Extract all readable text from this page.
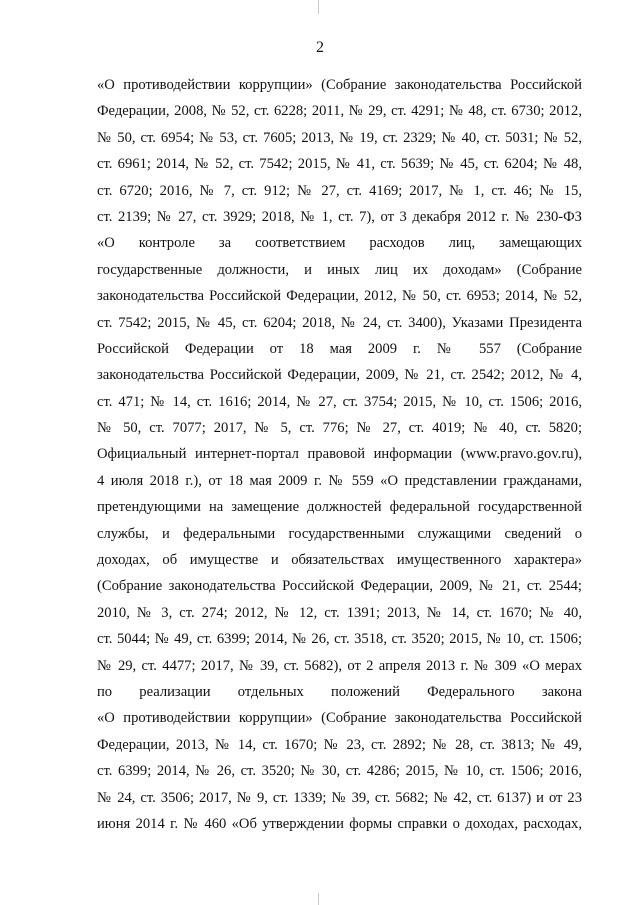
2
«О противодействии коррупции» (Собрание законодательства Российской
Федерации, 2008, № 52, ст. 6228; 2011, № 29, ст. 4291; № 48, ст. 6730; 2012,
№ 50, ст. 6954; № 53, ст. 7605; 2013, № 19, ст. 2329; № 40, ст. 5031; № 52,
ст. 6961; 2014, № 52, ст. 7542; 2015, № 41, ст. 5639; № 45, ст. 6204; № 48,
ст. 6720; 2016, № 7, ст. 912; № 27, ст. 4169; 2017, № 1, ст. 46; № 15,
ст. 2139; № 27, ст. 3929; 2018, № 1, ст. 7), от 3 декабря 2012 г. № 230-ФЗ
«О контроле за соответствием расходов лиц, замещающих
государственные должности, и иных лиц их доходам» (Собрание
законодательства Российской Федерации, 2012, № 50, ст. 6953; 2014, № 52,
ст. 7542; 2015, № 45, ст. 6204; 2018, № 24, ст. 3400), Указами Президента
Российской Федерации от 18 мая 2009 г. № 557 (Собрание
законодательства Российской Федерации, 2009, № 21, ст. 2542; 2012, № 4,
ст. 471; № 14, ст. 1616; 2014, № 27, ст. 3754; 2015, № 10, ст. 1506; 2016,
№ 50, ст. 7077; 2017, № 5, ст. 776; № 27, ст. 4019; № 40, ст. 5820;
Официальный интернет-портал правовой информации (www.pravo.gov.ru),
4 июля 2018 г.), от 18 мая 2009 г. № 559 «О представлении гражданами,
претендующими на замещение должностей федеральной государственной
службы, и федеральными государственными служащими сведений о
доходах, об имуществе и обязательствах имущественного характера»
(Собрание законодательства Российской Федерации, 2009, № 21, ст. 2544;
2010, № 3, ст. 274; 2012, № 12, ст. 1391; 2013, № 14, ст. 1670; № 40,
ст. 5044; № 49, ст. 6399; 2014, № 26, ст. 3518, ст. 3520; 2015, № 10, ст. 1506;
№ 29, ст. 4477; 2017, № 39, ст. 5682), от 2 апреля 2013 г. № 309 «О мерах
по реализации отдельных положений Федерального закона
«О противодействии коррупции» (Собрание законодательства Российской
Федерации, 2013, № 14, ст. 1670; № 23, ст. 2892; № 28, ст. 3813; № 49,
ст. 6399; 2014, № 26, ст. 3520; № 30, ст. 4286; 2015, № 10, ст. 1506; 2016,
№ 24, ст. 3506; 2017, № 9, ст. 1339; № 39, ст. 5682; № 42, ст. 6137) и от 23
июня 2014 г. № 460 «Об утверждении формы справки о доходах, расходах,
